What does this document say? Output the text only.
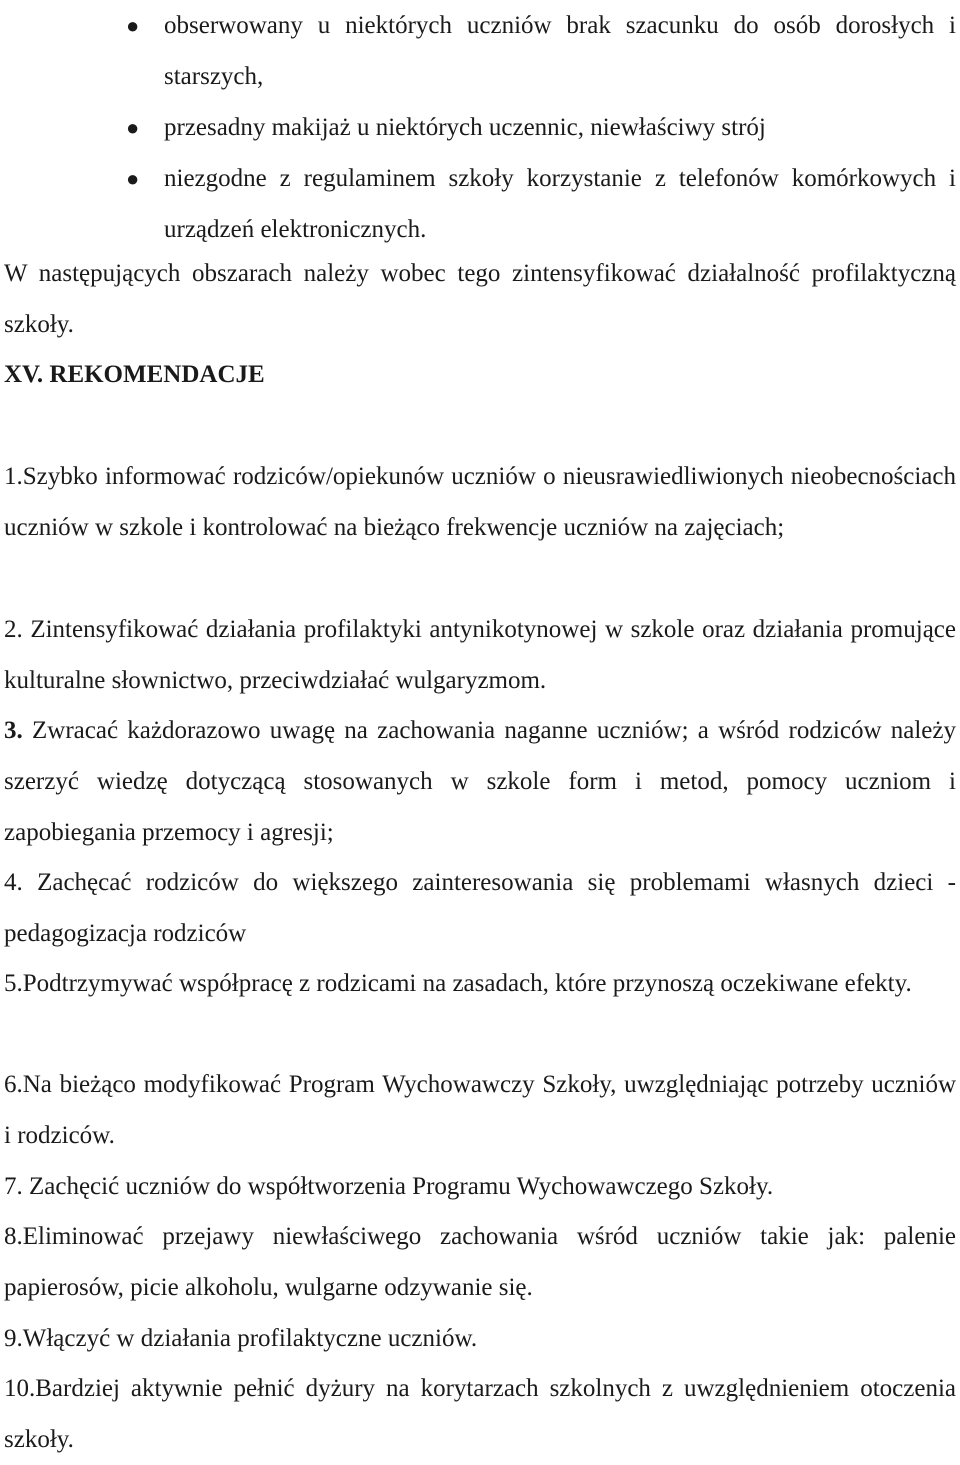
● obserwowany u niektórych uczniów brak szacunku do osób dorosłych i starszych,
● przesadny makijaż u niektórych uczennic, niewłaściwy strój
● niezgodne z regulaminem szkoły korzystanie z telefonów komórkowych i urządzeń elektronicznych.

W następujących obszarach należy wobec tego zintensyfikować działalność profilaktyczną szkoły.

XV. REKOMENDACJE

1.Szybko informować rodziców/opiekunów uczniów o nieusrawiedliwionych nieobecnościach uczniów w szkole i kontrolować na bieżąco frekwencje uczniów na zajęciach;

2. Zintensyfikować działania profilaktyki antynikotynowej w szkole oraz działania promujące kulturalne słownictwo, przeciwdziałać wulgaryzmom.

3. Zwracać każdorazowo uwagę na zachowania naganne uczniów; a wśród rodziców należy szerzyć wiedzę dotyczącą stosowanych w szkole form i metod, pomocy uczniom i zapobiegania przemocy i agresji;

4. Zachęcać rodziców do większego zainteresowania się problemami własnych dzieci - pedagogizacja rodziców

5.Podtrzymywać współpracę z rodzicami na zasadach, które przynoszą oczekiwane efekty.

6.Na bieżąco modyfikować Program Wychowawczy Szkoły, uwzględniając potrzeby uczniów i rodziców.

7. Zachęcić uczniów do współtworzenia Programu Wychowawczego Szkoły.

8.Eliminować przejawy niewłaściwego zachowania wśród uczniów takie jak: palenie papierosów, picie alkoholu, wulgarne odzywanie się.

9.Włączyć w działania profilaktyczne uczniów.

10.Bardziej aktywnie pełnić dyżury na korytarzach szkolnych z uwzględnieniem otoczenia szkoły.
